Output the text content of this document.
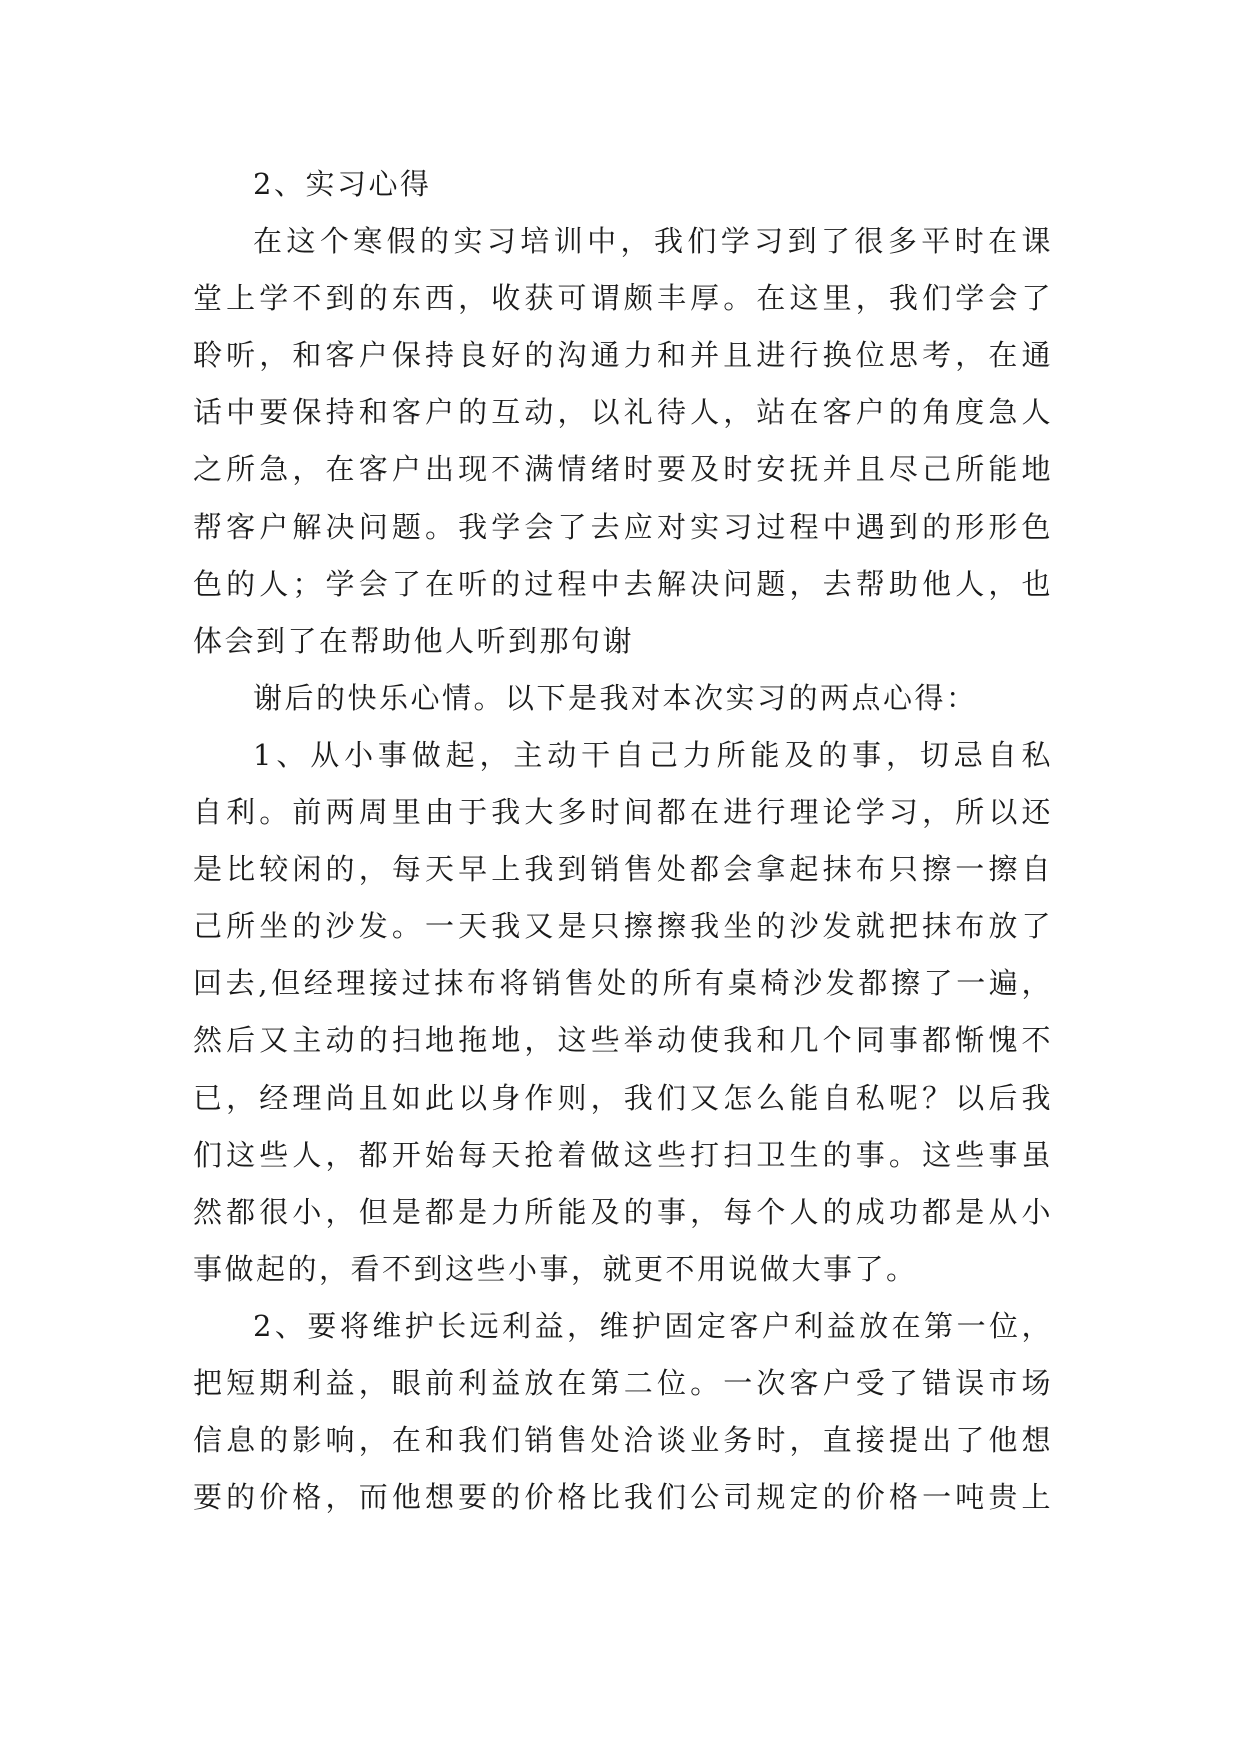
2、实习心得
在这个寒假的实习培训中，我们学习到了很多平时在课
堂上学不到的东西，收获可谓颇丰厚。在这里，我们学会了
聆听，和客户保持良好的沟通力和并且进行换位思考，在通
话中要保持和客户的互动，以礼待人，站在客户的角度急人
之所急，在客户出现不满情绪时要及时安抚并且尽己所能地
帮客户解决问题。我学会了去应对实习过程中遇到的形形色
色的人；学会了在听的过程中去解决问题，去帮助他人，也
体会到了在帮助他人听到那句谢
谢后的快乐心情。以下是我对本次实习的两点心得：
1、从小事做起，主动干自己力所能及的事，切忌自私
自利。前两周里由于我大多时间都在进行理论学习，所以还
是比较闲的，每天早上我到销售处都会拿起抹布只擦一擦自
己所坐的沙发。一天我又是只擦擦我坐的沙发就把抹布放了
回去,但经理接过抹布将销售处的所有桌椅沙发都擦了一遍，
然后又主动的扫地拖地，这些举动使我和几个同事都惭愧不
已，经理尚且如此以身作则，我们又怎么能自私呢？以后我
们这些人，都开始每天抢着做这些打扫卫生的事。这些事虽
然都很小，但是都是力所能及的事，每个人的成功都是从小
事做起的，看不到这些小事，就更不用说做大事了。
2、要将维护长远利益，维护固定客户利益放在第一位，
把短期利益，眼前利益放在第二位。一次客户受了错误市场
信息的影响，在和我们销售处洽谈业务时，直接提出了他想
要的价格，而他想要的价格比我们公司规定的价格一吨贵上
